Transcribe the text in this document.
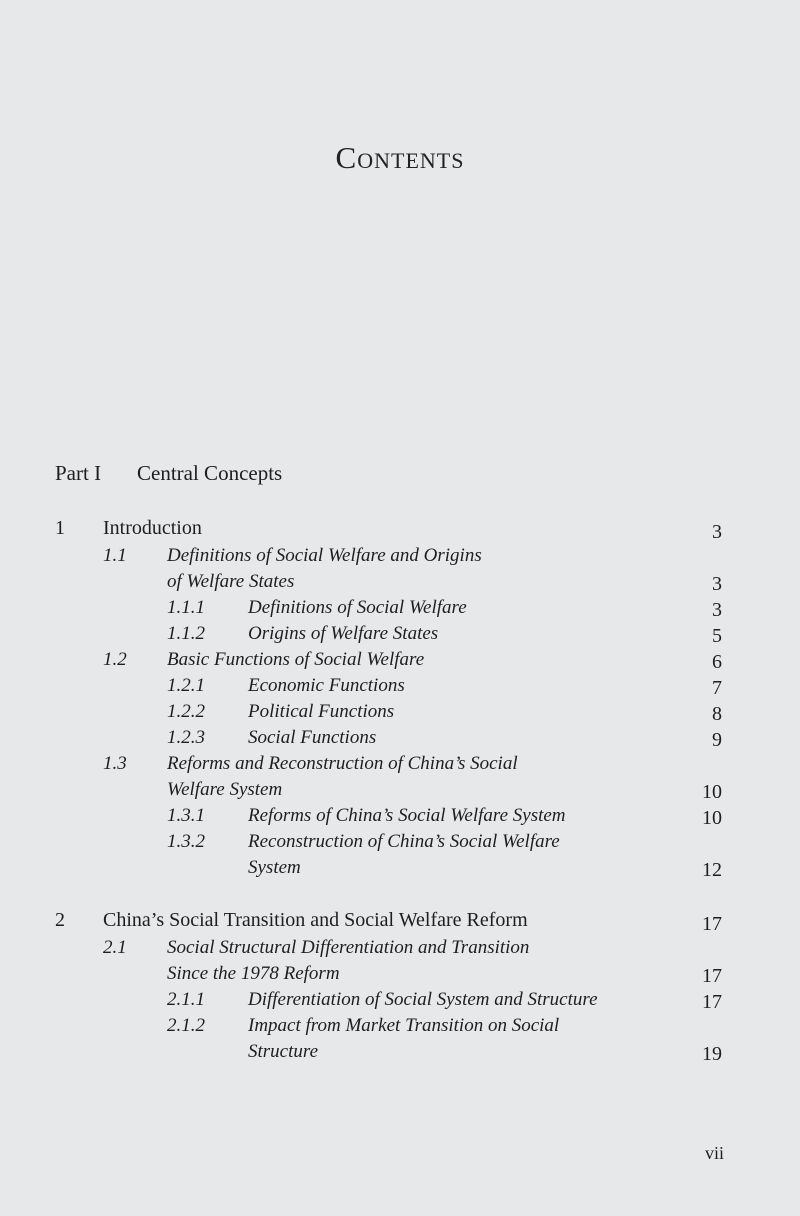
Contents
Part I Central Concepts
1 Introduction	3
1.1 Definitions of Social Welfare and Origins
of Welfare States	3
1.1.1 Definitions of Social Welfare	3
1.1.2 Origins of Welfare States	5
1.2 Basic Functions of Social Welfare	6
1.2.1 Economic Functions	7
1.2.2 Political Functions	8
1.2.3 Social Functions	9
1.3 Reforms and Reconstruction of China’s Social
Welfare System	10
1.3.1 Reforms of China’s Social Welfare System	10
1.3.2 Reconstruction of China’s Social Welfare
System	12
2 China’s Social Transition and Social Welfare Reform	17
2.1 Social Structural Differentiation and Transition
Since the 1978 Reform	17
2.1.1 Differentiation of Social System and Structure	17
2.1.2 Impact from Market Transition on Social
Structure	19
vii
